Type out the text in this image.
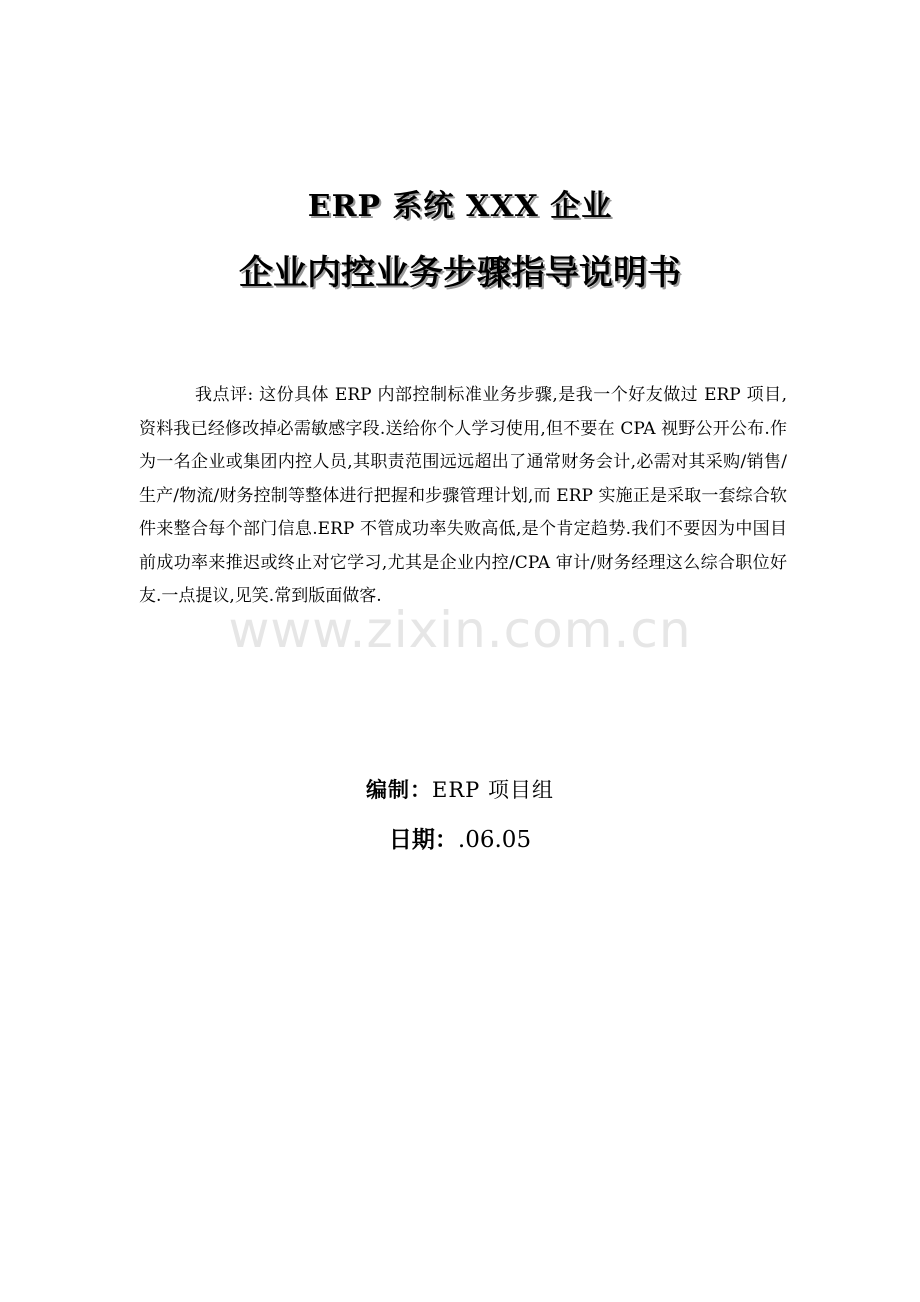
ERP 系统 XXX 企业
企业内控业务步骤指导说明书
www.zixin.com.cn

我点评: 这份具体 ERP 内部控制标准业务步骤,是我一个好友做过 ERP 项目,资料我已经修改掉必需敏感字段.送给你个人学习使用,但不要在 CPA 视野公开公布.作为一名企业或集团内控人员,其职责范围远远超出了通常财务会计,必需对其采购/销售/生产/物流/财务控制等整体进行把握和步骤管理计划,而 ERP 实施正是采取一套综合软件来整合每个部门信息.ERP 不管成功率失败高低,是个肯定趋势.我们不要因为中国目前成功率来推迟或终止对它学习,尤其是企业内控/CPA 审计/财务经理这么综合职位好友.一点提议,见笑.常到版面做客.

编制：ERP 项目组
日期：.06.05
